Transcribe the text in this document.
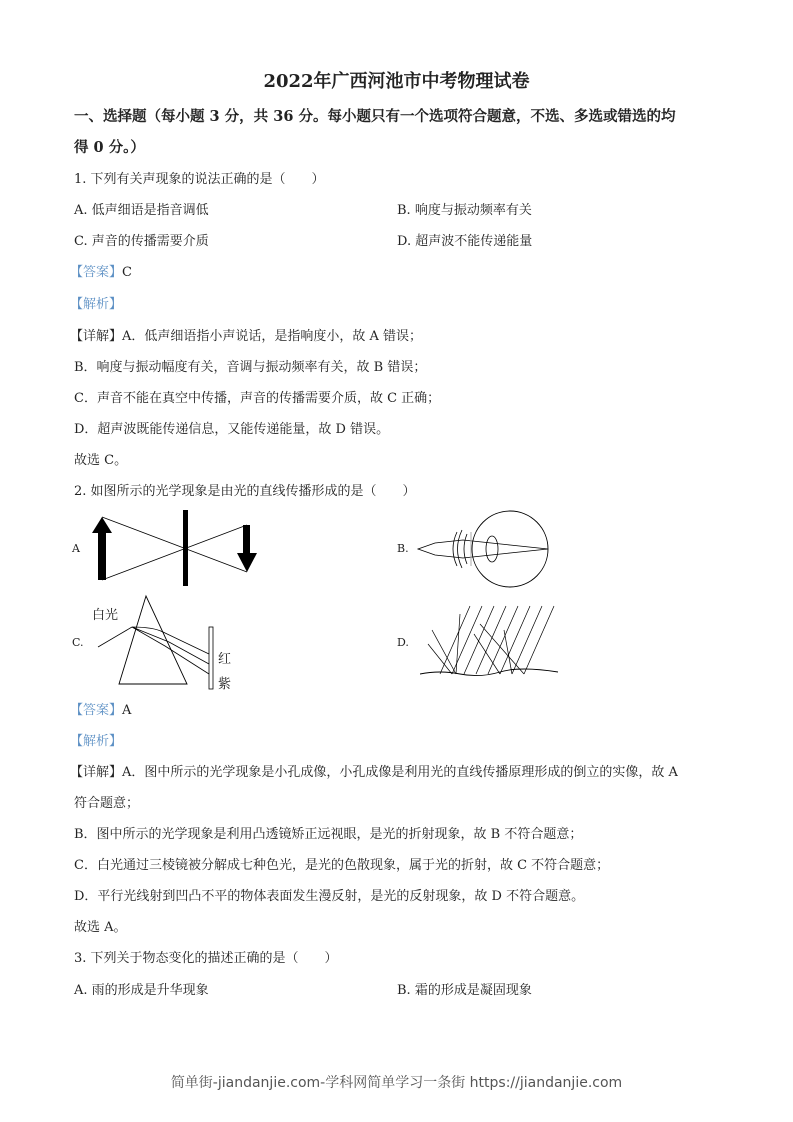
2022年广西河池市中考物理试卷
一、选择题（每小题 3 分，共 36 分。每小题只有一个选项符合题意，不选、多选或错选的均
得 0 分。）
1. 下列有关声现象的说法正确的是（　　）
A. 低声细语是指音调低	B. 响度与振动频率有关
C. 声音的传播需要介质	D. 超声波不能传递能量
【答案】C
【解析】
【详解】A．低声细语指小声说话，是指响度小，故 A 错误；
B．响度与振动幅度有关，音调与振动频率有关，故 B 错误；
C．声音不能在真空中传播，声音的传播需要介质，故 C 正确；
D．超声波既能传递信息，又能传递能量，故 D 错误。
故选 C。
2. 如图所示的光学现象是由光的直线传播形成的是（　　）
A	B.
C.
白光
红
紫
D.
【答案】A
【解析】
【详解】A．图中所示的光学现象是小孔成像，小孔成像是利用光的直线传播原理形成的倒立的实像，故 A
符合题意；
B．图中所示的光学现象是利用凸透镜矫正远视眼，是光的折射现象，故 B 不符合题意；
C．白光通过三棱镜被分解成七种色光，是光的色散现象，属于光的折射，故 C 不符合题意；
D．平行光线射到凹凸不平的物体表面发生漫反射，是光的反射现象，故 D 不符合题意。
故选 A。
3. 下列关于物态变化的描述正确的是（　　）
A. 雨的形成是升华现象	B. 霜的形成是凝固现象
简单街-jiandanjie.com-学科网简单学习一条街 https://jiandanjie.com
